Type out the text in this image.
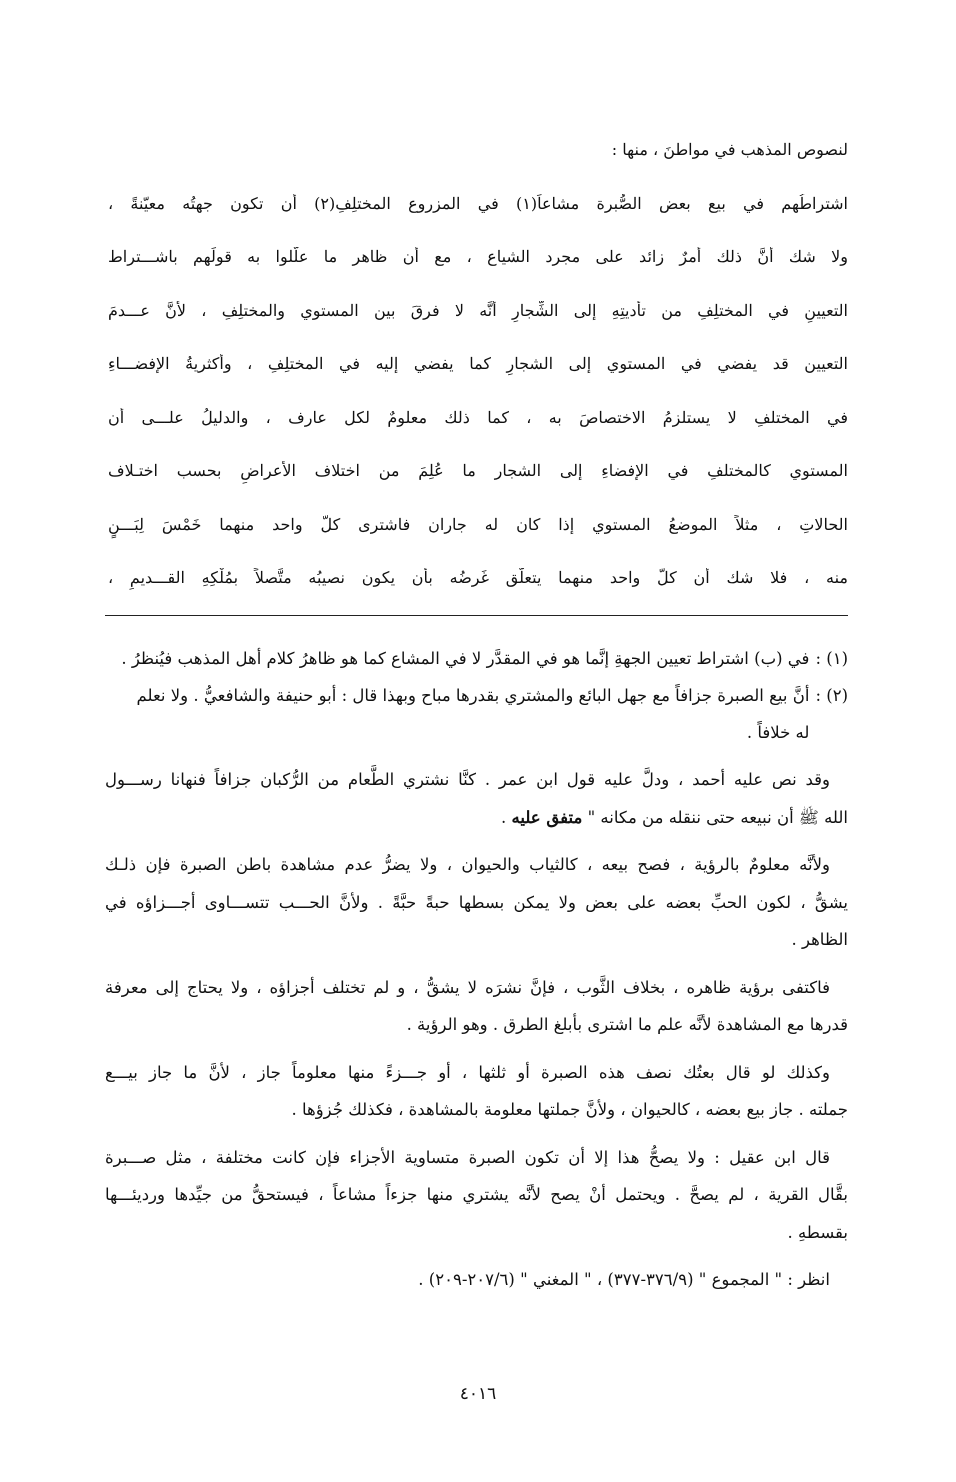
لنصوص المذهب في مواطنَ ، منها :
اشتراطُهم في بيع بعض الصُّبرة مشاعاً(١) في المزروع المختلِفِ(٢) أن تكون جهتُه معيّنةً ،
ولا شك أنَّ ذلك أمرٌ زائد على مجرد الشياع ، مع أن ظاهر ما علَّلوا به قولَهم باشـــتراط
التعيينِ في المختلِفِ من تأديتِهِ إلى الشِّجارِ أنَّه لا فرقَ بين المستوي والمختلِفِ ، لأنَّ عـــدمَ
التعيين قد يفضي في المستوي إلى الشجارِ كما يفضي إليه في المختلِفِ ، وأكثريةُ الإفضـــاءِ
في المختلفِ لا يستلزمُ الاختصاصَ به ، كما ذلك معلومٌ لكل عارف ، والدليلُ علـــى أن
المستوي كالمختلفِ في الإفضاءِ إلى الشجار ما عُلِمَ من اختلاف الأعراضِ بحسب اختـلاف
الحالاتِ ، مثلاً الموضعُ المستوي إذا كان له جاران فاشترى كلُّ واحد منهما خَمْسَ لِبَـــنٍ
منه ، فلا شك أن كلَّ واحد منهما يتعلَّق غَرضُه بأن يكون نصيبُه متَّصلاً بمُلْكِهِ القـــديمِ ،
(١) :
في (ب) اشتراط تعيين الجهةِ إنَّما هو في المقدَّر لا في المشاع كما هو ظاهرُ كلام أهل المذهب فيُنظرُ .
(٢) :
أنَّ بيع الصبرة جزافاً مع جهل البائع والمشتري بقدرها مباح وبهذا قال : أبو حنيفة والشافعيُّ . ولا نعلم
له خلافاً .
وقد نص عليه أحمد ، ودلَّ عليه قول ابن عمر . كنَّا نشتري الطَّعام من الرُّكبان جزافاً فنهانا رســـول
الله ﷺ أن نبيعه حتى ننقله من مكانه " متفق عليه .
ولأنَّه معلومٌ بالرؤية ، فصح بيعه ، كالثياب والحيوان ، ولا يضرُّ عدم مشاهدة باطن الصبرة فإن ذلـك
يشقُّ ، لكون الحبِّ بعضه على بعض ولا يمكن بسطها حبةً حبَّةً . ولأنَّ الحـــب تتســـاوى أجـــزاؤه في
الظاهر .
فاكتفى برؤية ظاهره ، بخلاف الثَّوب ، فإنَّ نشرَه لا يشقُّ ، و لم تختلف أجزاؤه ، ولا يحتاج إلى معرفة
قدرها مع المشاهدة لأنَّه علم ما اشترى بأبلغ الطرق . وهو الرؤية .
وكذلك لو قال بعتُك نصف هذه الصبرة أو ثلثها ، أو جـــزءً منها معلوماً جاز ، لأنَّ ما جاز بيـــع
جملته . جاز بيع بعضه ، كالحيوان ، ولأنَّ جملتها معلومة بالمشاهدة ، فكذلك جُزؤها .
قال ابن عقيل : ولا يصحُّ هذا إلا أن تكون الصبرة متساوية الأجزاء فإن كانت مختلفة ، مثل صـــبرة
بقَّال القرية ، لم يصحَّ . ويحتمل أنْ يصح لأنَّه يشتري منها جزءاً مشاعاً ، فيستحقُّ من جيِّدها ورديئـــها
بقسطهِ .
انظر : " المجموع " (٣٧٦/٩-٣٧٧) ، " المغني " (٢٠٧/٦-٢٠٩) .
٤٠١٦
